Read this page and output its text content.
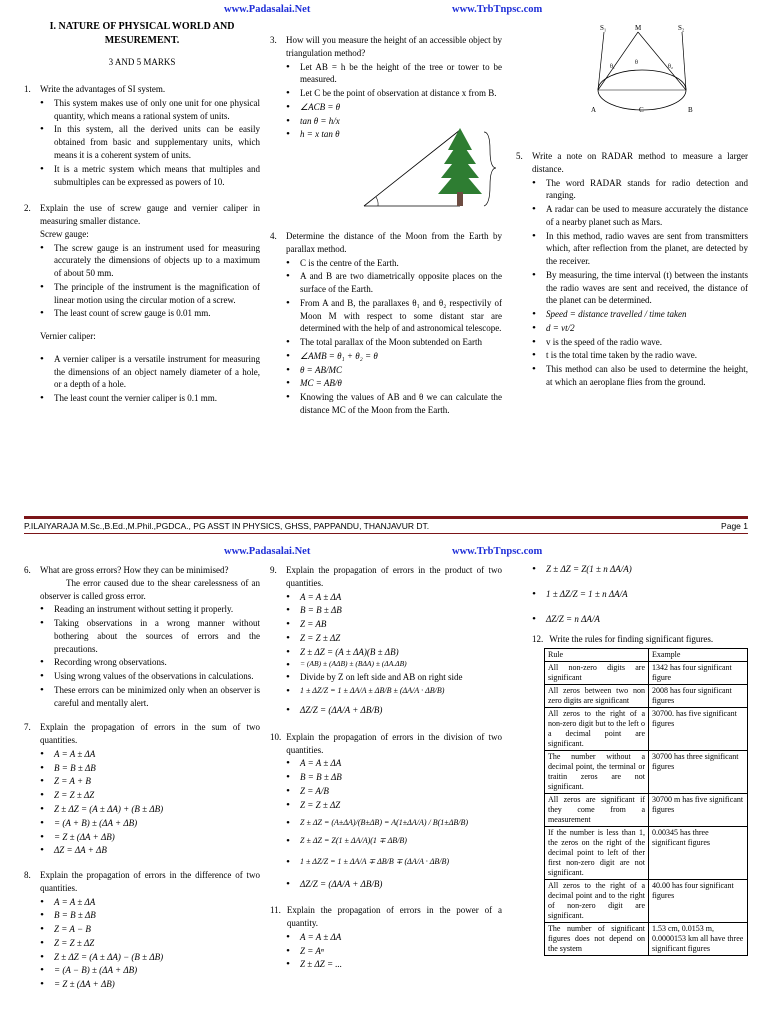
www.Padasalai.Net	www.TrbTnpsc.com
I. NATURE OF PHYSICAL WORLD AND
MESUREMENT.
3 AND 5 MARKS
1.	Write the advantages of SI system.
• This system makes use of only one unit for one physical quantity, which means a rational system of units.
• In this system, all the derived units can be easily obtained from basic and supplementary units, which means it is a coherent system of units.
• It is a metric system which means that multiples and submultiples can be expressed as powers of 10.
2.	Explain the use of screw gauge and vernier caliper in measuring smaller distance.
Screw gauge:
• The screw gauge is an instrument used for measuring accurately the dimensions of objects up to a maximum of about 50 mm.
• The principle of the instrument is the magnification of linear motion using the circular motion of a screw.
• The least count of screw gauge is 0.01 mm.
Vernier caliper:
• A vernier caliper is a versatile instrument for measuring the dimensions of an object namely diameter of a hole, or a depth of a hole.
• The least count the vernier caliper is 0.1 mm.
3.	How will you measure the height of an accessible object by triangulation method?
• Let AB = h be the height of the tree or tower to be measured.
• Let C be the point of observation at distance x from B.
• ∠ACB = θ
• tan θ = h/x
• h = x tan θ
4.	Determine the distance of the Moon from the Earth by parallax method.
• C is the centre of the Earth.
• A and B are two diametrically opposite places on the surface of the Earth.
• From A and B, the parallaxes θ₁ and θ₂ respectivily of Moon M with respect to some distant star are determined with the help of and astronomical telescope.
• The total parallax of the Moon subtended on Earth
• ∠AMB = θ₁ + θ₂ = θ
• θ = AB/MC
• MC = AB/θ
• Knowing the values of AB and θ we can calculate the distance MC of the Moon from the Earth.
S₁	M	S₂
θ₁
θ
θ₂
A	C	B
5.	Write a note on RADAR method to measure a larger distance.
• The word RADAR stands for radio detection and ranging.
• A radar can be used to measure accurately the distance of a nearby planet such as Mars.
• In this method, radio waves are sent from transmitters which, after reflection from the planet, are detected by the receiver.
• By measuring, the time interval (t) between the instants the radio waves are sent and received, the distance of the planet can be determined.
• Speed = distance travelled / time taken
• d = vt/2
• v is the speed of the radio wave.
• t is the total time taken by the radio wave.
• This method can also be used to determine the height, at which an aeroplane flies from the ground.
P.ILAIYARAJA M.Sc.,B.Ed.,M.Phil.,PGDCA., PG ASST IN PHYSICS, GHSS, PAPPANDU, THANJAVUR DT.	Page 1
www.Padasalai.Net	www.TrbTnpsc.com
6.	What are gross errors? How they can be minimised?
The error caused due to the shear carelessness of an observer is called gross error.
• Reading an instrument without setting it properly.
• Taking observations in a wrong manner without bothering about the sources of errors and the precautions.
• Recording wrong observations.
• Using wrong values of the observations in calculations.
• These errors can be minimized only when an observer is careful and mentally alert.
7.	Explain the propagation of errors in the sum of two quantities.
• A = A ± ΔA
• B = B ± ΔB
• Z = A + B
• Z = Z ± ΔZ
• Z ± ΔZ = (A ± ΔA) + (B ± ΔB)
• = (A + B) ± (ΔA + ΔB)
• = Z ± (ΔA + ΔB)
• ΔZ = ΔA + ΔB
8.	Explain the propagation of errors in the difference of two quantities.
• A = A ± ΔA
• B = B ± ΔB
• Z = A − B
• Z = Z ± ΔZ
• Z ± ΔZ = (A ± ΔA) − (B ± ΔB)
• = (A − B) ± (ΔA + ΔB)
• = Z ± (ΔA + ΔB)
9.	Explain the propagation of errors in the product of two quantities.
• A = A ± ΔA
• B = B ± ΔB
• Z = AB
• Z = Z ± ΔZ
• Z ± ΔZ = (A ± ΔA)(B ± ΔB)
• = (AB) ± (AΔB) ± (BΔA) ± (ΔA.ΔB)
• Divide by Z on left side and AB on right side
• 1 ± ΔZ/Z = 1 ± ΔA/A ± ΔB/B ± (ΔA/A · ΔB/B)
• ΔZ/Z = (ΔA/A + ΔB/B)
10. Explain the propagation of errors in the division of two quantities.
• A = A ± ΔA
• B = B ± ΔB
• Z = A/B
• Z = Z ± ΔZ
• Z ± ΔZ = (A±ΔA)/(B±ΔB) = A(1±ΔA/A) / B(1±ΔB/B)
• Z ± ΔZ = Z(1 ± ΔA/A)(1 ∓ ΔB/B)
• 1 ± ΔZ/Z = 1 ± ΔA/A ∓ ΔB/B ∓ (ΔA/A · ΔB/B)
• ΔZ/Z = (ΔA/A + ΔB/B)
11. Explain the propagation of errors in the power of a quantity.
• A = A ± ΔA
• Z = Aⁿ
• Z ± ΔZ = ...
• Z ± ΔZ = Z(1 ± n ΔA/A)
• 1 ± ΔZ/Z = 1 ± n ΔA/A
• ΔZ/Z = n ΔA/A
12. Write the rules for finding significant figures.
Rule	Example
All non-zero digits are significant	1342 has four significant figure
All zeros between two non zero digits are significant	2008 has four significant figures
All zeros to the right of a non-zero digit but to the left o a decimal point are significant.	30700. has five significant figures
The number without a decimal point, the terminal or traitin zeros are not significant.	30700 has three significant figures
All zeros are significant if they come from a measurement	30700 m has five significant figures
If the number is less than 1, the zeros on the right of the decimal point to left of ther first non-zero digit are not significant.	0.00345 has three significant figures
All zeros to the right of a decimal point and to the right of non-zero digit are significant.	40.00 has four significant figures
The number of significant figures does not depend on the system	1.53 cm, 0.0153 m, 0.0000153 km all have three significant figures
